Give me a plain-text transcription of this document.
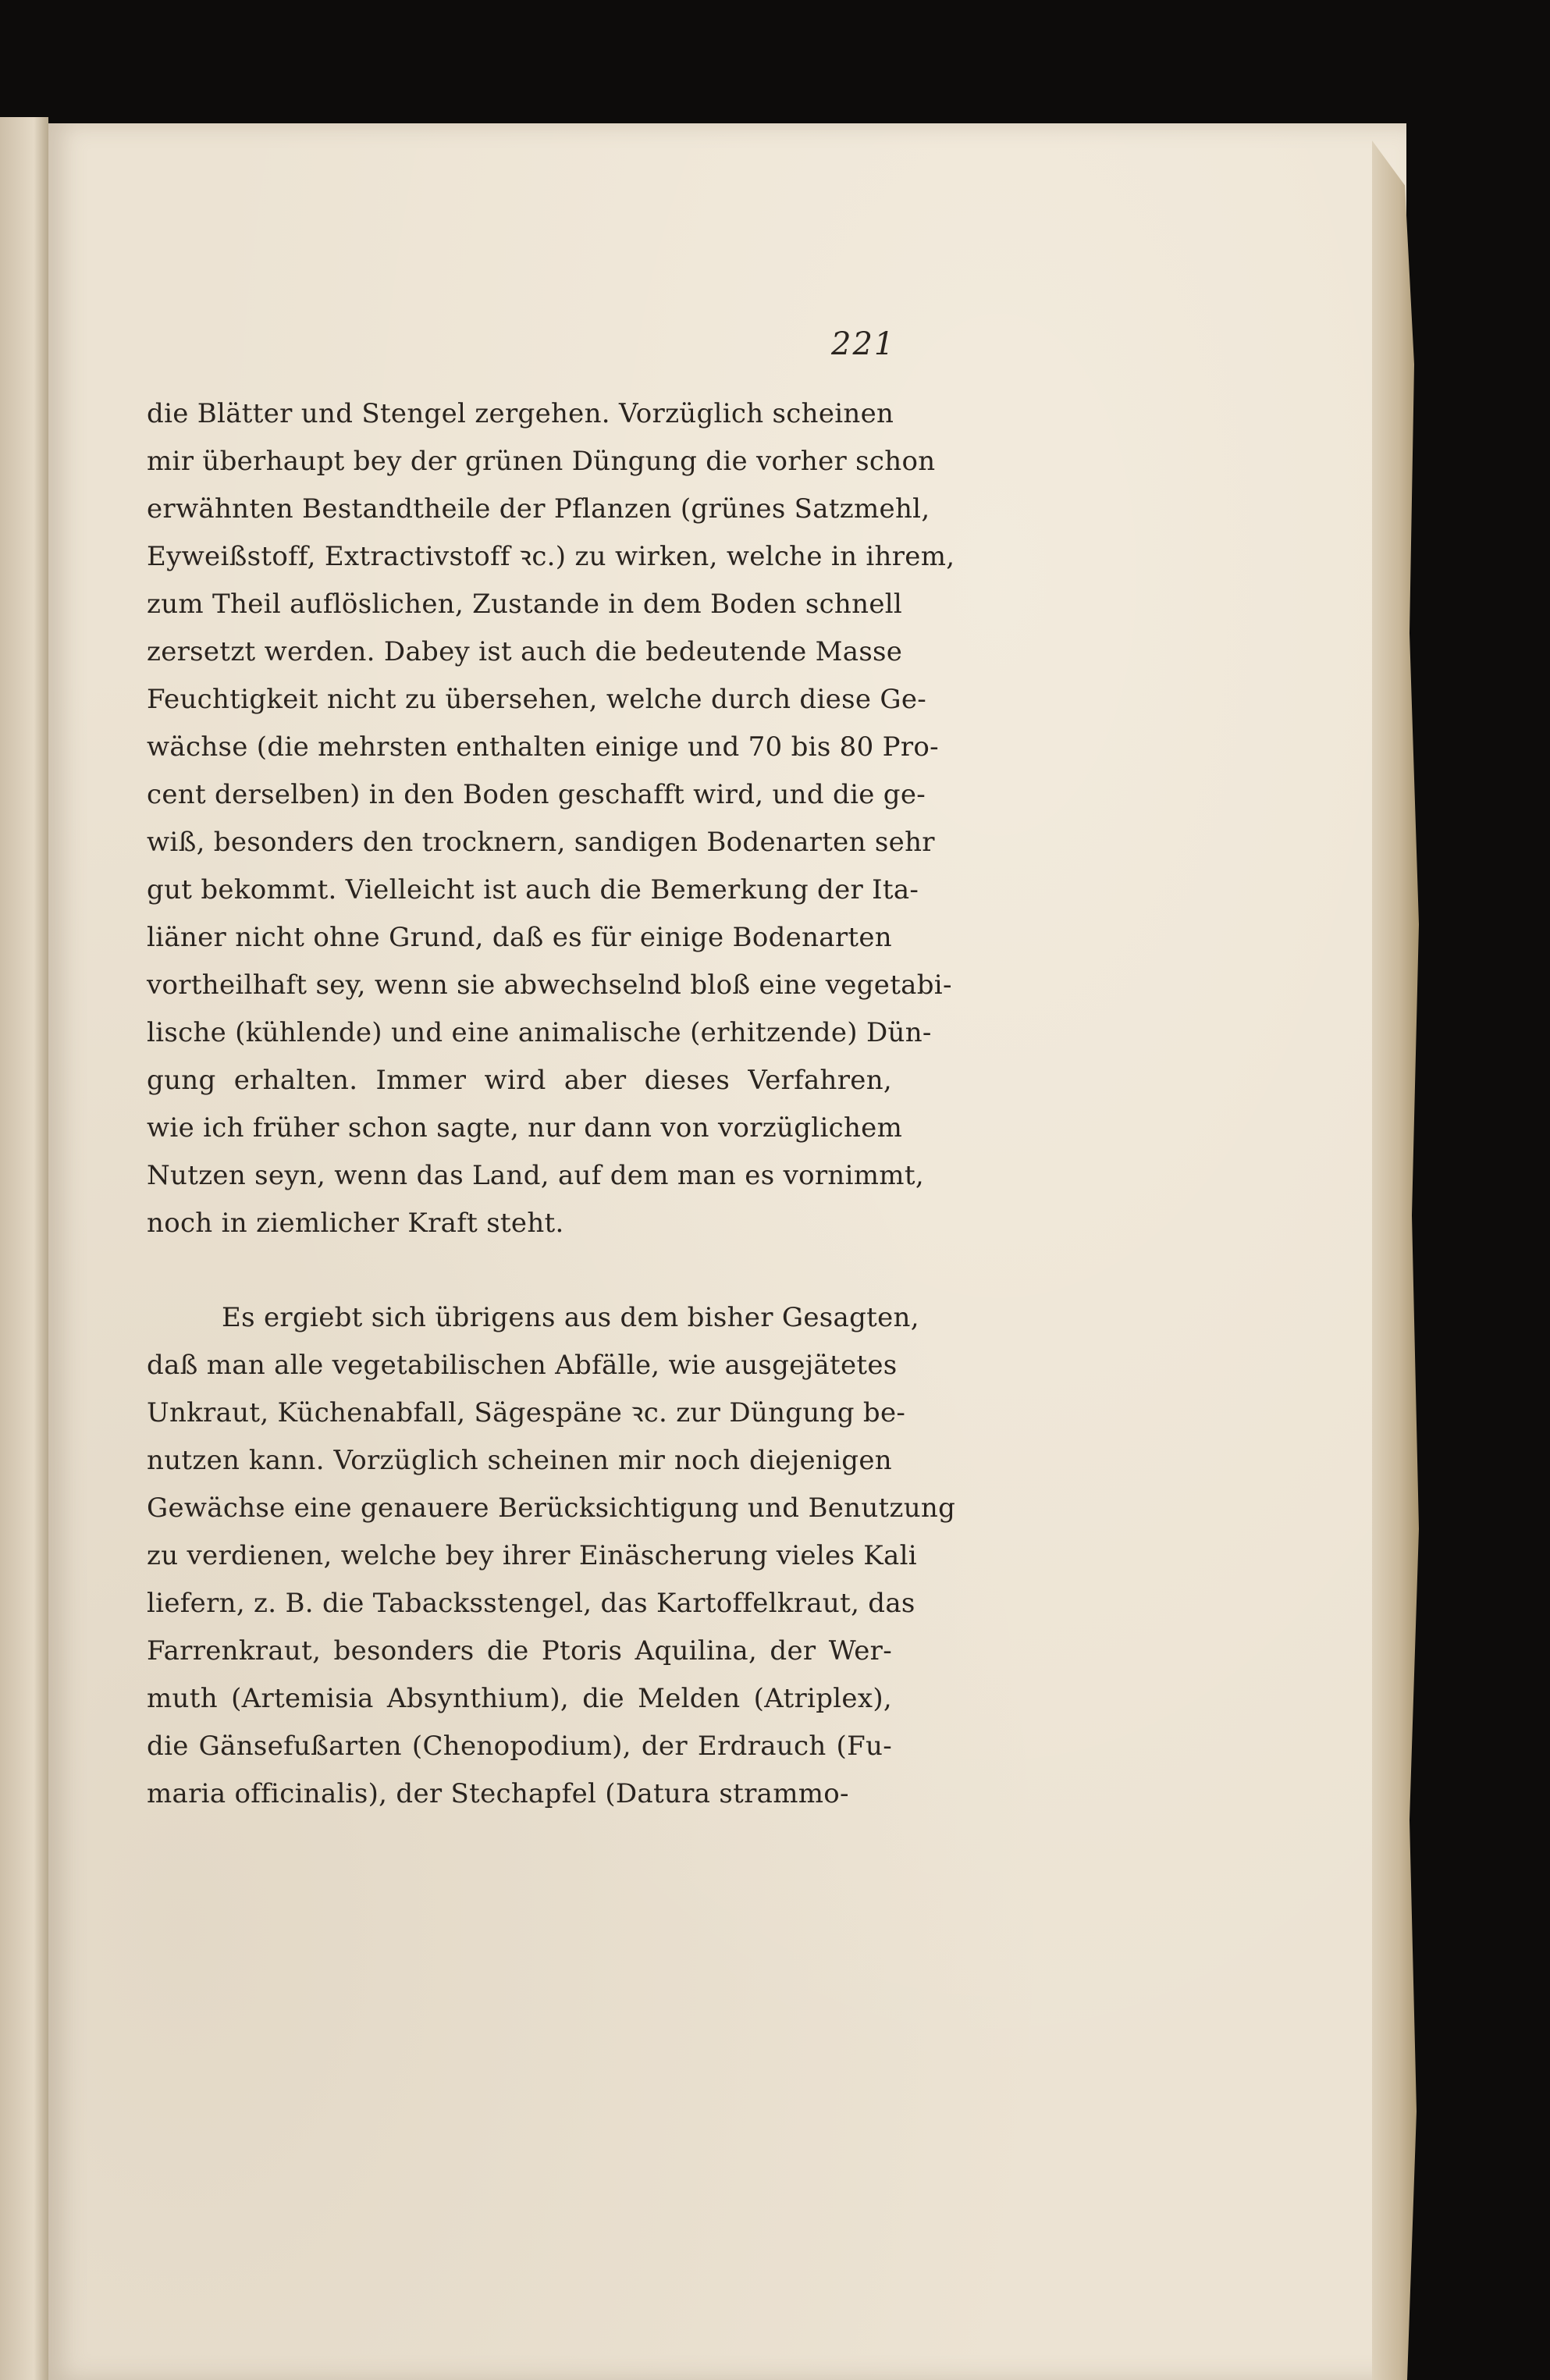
221
die Blätter und Stengel zergehen. Vorzüglich scheinen
mir überhaupt bey der grünen Düngung die vorher schon
erwähnten Bestandtheile der Pflanzen (grünes Satzmehl,
Eyweißstoff, Extractivstoff ꝛc.) zu wirken, welche in ihrem,
zum Theil auflöslichen, Zustande in dem Boden schnell
zersetzt werden. Dabey ist auch die bedeutende Masse
Feuchtigkeit nicht zu übersehen, welche durch diese Ge-
wächse (die mehrsten enthalten einige und 70 bis 80 Pro-
cent derselben) in den Boden geschafft wird, und die ge-
wiß, besonders den trocknern, sandigen Bodenarten sehr
gut bekommt. Vielleicht ist auch die Bemerkung der Ita-
liäner nicht ohne Grund, daß es für einige Bodenarten
vortheilhaft sey, wenn sie abwechselnd bloß eine vegetabi-
lische (kühlende) und eine animalische (erhitzende) Dün-
gung erhalten. Immer wird aber dieses Verfahren,
wie ich früher schon sagte, nur dann von vorzüglichem
Nutzen seyn, wenn das Land, auf dem man es vornimmt,
noch in ziemlicher Kraft steht.
Es ergiebt sich übrigens aus dem bisher Gesagten,
daß man alle vegetabilischen Abfälle, wie ausgejätetes
Unkraut, Küchenabfall, Sägespäne ꝛc. zur Düngung be-
nutzen kann. Vorzüglich scheinen mir noch diejenigen
Gewächse eine genauere Berücksichtigung und Benutzung
zu verdienen, welche bey ihrer Einäscherung vieles Kali
liefern, z. B. die Tabacksstengel, das Kartoffelkraut, das
Farrenkraut, besonders die Ptoris Aquilina, der Wer-
muth (Artemisia Absynthium), die Melden (Atriplex),
die Gänsefußarten (Chenopodium), der Erdrauch (Fu-
maria officinalis), der Stechapfel (Datura strammo-
